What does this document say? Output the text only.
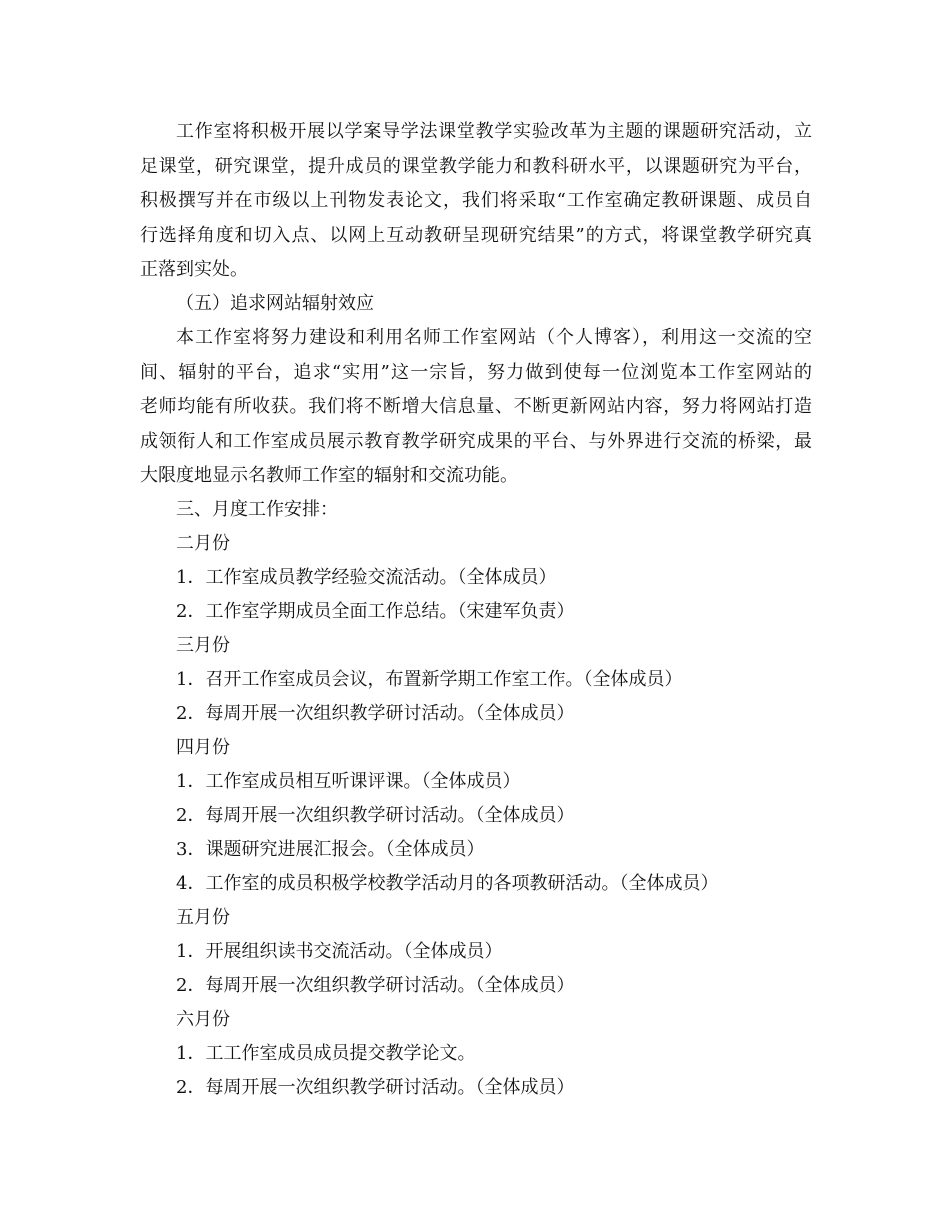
工作室将积极开展以学案导学法课堂教学实验改革为主题的课题研究活动，立
足课堂，研究课堂，提升成员的课堂教学能力和教科研水平，以课题研究为平台，
积极撰写并在市级以上刊物发表论文，我们将采取“工作室确定教研课题、成员自
行选择角度和切入点、以网上互动教研呈现研究结果”的方式，将课堂教学研究真
正落到实处。
（五）追求网站辐射效应
本工作室将努力建设和利用名师工作室网站（个人博客），利用这一交流的空
间、辐射的平台，追求“实用”这一宗旨，努力做到使每一位浏览本工作室网站的
老师均能有所收获。我们将不断增大信息量、不断更新网站内容，努力将网站打造
成领衔人和工作室成员展示教育教学研究成果的平台、与外界进行交流的桥梁，最
大限度地显示名教师工作室的辐射和交流功能。
三、月度工作安排：
二月份
1．工作室成员教学经验交流活动。（全体成员）
2．工作室学期成员全面工作总结。（宋建军负责）
三月份
1．召开工作室成员会议，布置新学期工作室工作。（全体成员）
2．每周开展一次组织教学研讨活动。（全体成员）
四月份
1．工作室成员相互听课评课。（全体成员）
2．每周开展一次组织教学研讨活动。（全体成员）
3．课题研究进展汇报会。（全体成员）
4．工作室的成员积极学校教学活动月的各项教研活动。（全体成员）
五月份
1．开展组织读书交流活动。（全体成员）
2．每周开展一次组织教学研讨活动。（全体成员）
六月份
1．工工作室成员成员提交教学论文。
2．每周开展一次组织教学研讨活动。（全体成员）
